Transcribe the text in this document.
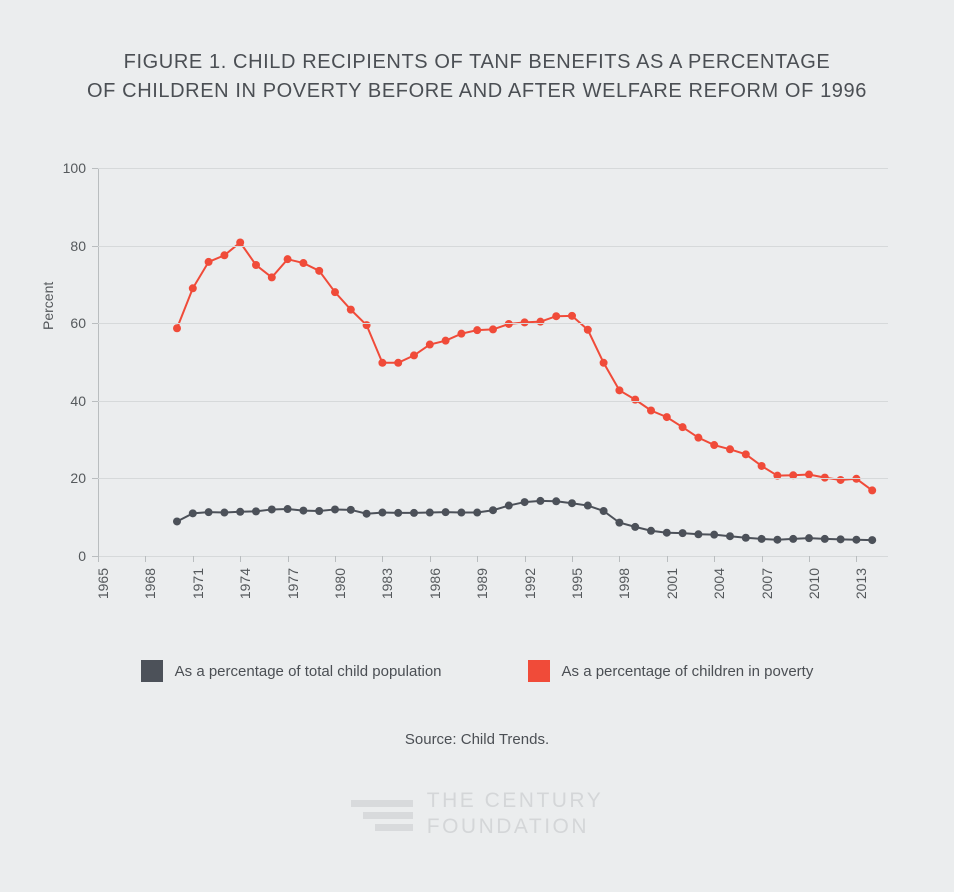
FIGURE 1. CHILD RECIPIENTS OF TANF BENEFITS AS A PERCENTAGE
OF CHILDREN IN POVERTY BEFORE AND AFTER WELFARE REFORM OF 1996
Percent
0
20
40
60
80
100
1965 1968 1971 1974 1977 1980 1983 1986 1989 1992 1995 1998 2001 2004 2007 2010 2013
As a percentage of total child population	As a percentage of children in poverty
Source: Child Trends.
THE CENTURY
FOUNDATION
